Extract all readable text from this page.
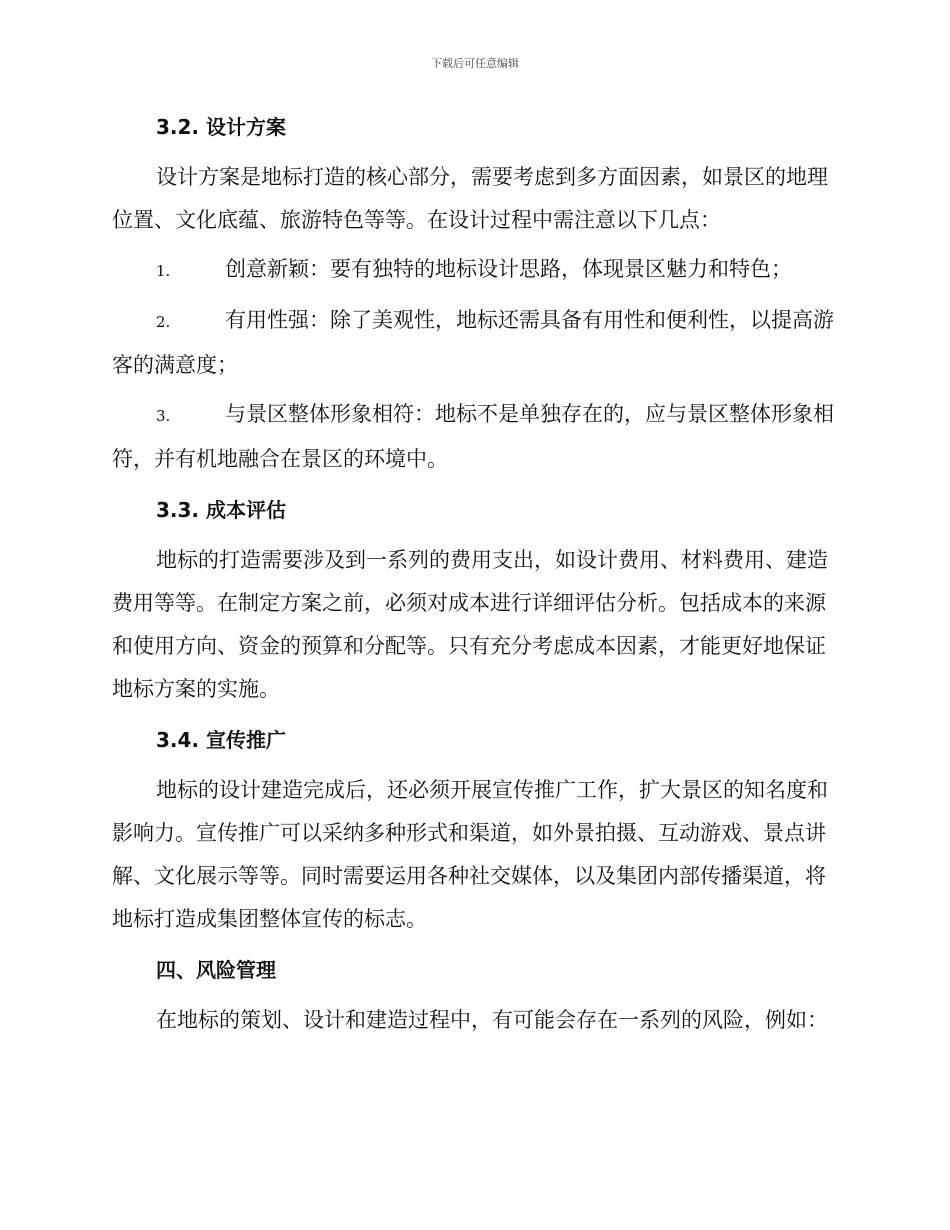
下载后可任意编辑
3.2. 设计方案

设计方案是地标打造的核心部分，需要考虑到多方面因素，如景区的地理位置、文化底蕴、旅游特色等等。在设计过程中需注意以下几点：

1.	创意新颖：要有独特的地标设计思路，体现景区魅力和特色；
2.	有用性强：除了美观性，地标还需具备有用性和便利性，以提高游客的满意度；
3.	与景区整体形象相符：地标不是单独存在的，应与景区整体形象相符，并有机地融合在景区的环境中。
3.3. 成本评估

地标的打造需要涉及到一系列的费用支出，如设计费用、材料费用、建造费用等等。在制定方案之前，必须对成本进行详细评估分析。包括成本的来源和使用方向、资金的预算和分配等。只有充分考虑成本因素，才能更好地保证地标方案的实施。

3.4. 宣传推广

地标的设计建造完成后，还必须开展宣传推广工作，扩大景区的知名度和影响力。宣传推广可以采纳多种形式和渠道，如外景拍摄、互动游戏、景点讲解、文化展示等等。同时需要运用各种社交媒体，以及集团内部传播渠道，将地标打造成集团整体宣传的标志。

四、风险管理

在地标的策划、设计和建造过程中，有可能会存在一系列的风险，例如：
